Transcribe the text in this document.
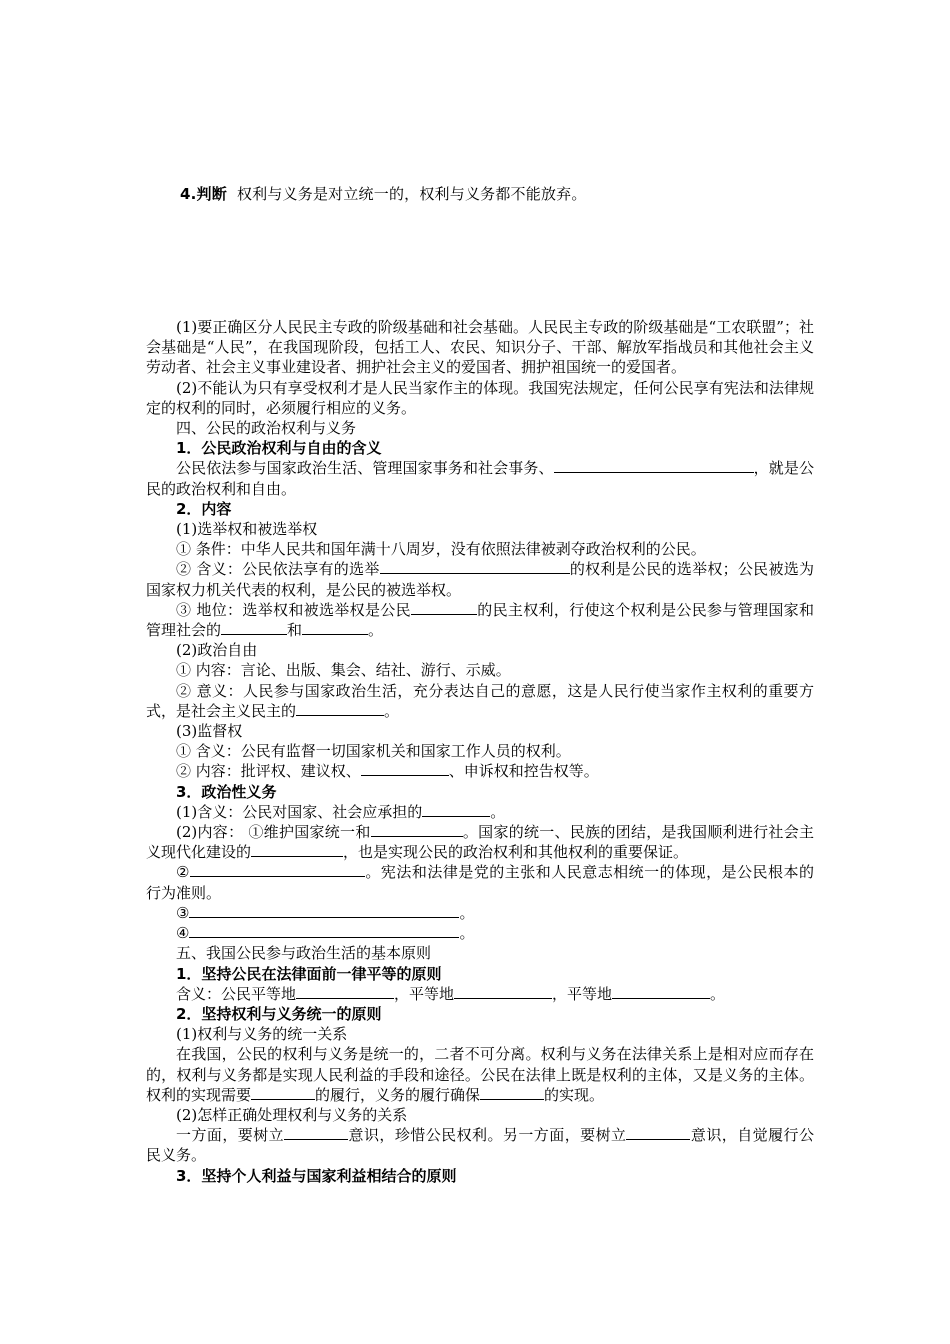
4.判断 权利与义务是对立统一的，权利与义务都不能放弃。

(1)要正确区分人民民主专政的阶级基础和社会基础。人民民主专政的阶级基础是“工农联盟”；社会基础是“人民”，在我国现阶段，包括工人、农民、知识分子、干部、解放军指战员和其他社会主义劳动者、社会主义事业建设者、拥护社会主义的爱国者、拥护祖国统一的爱国者。

(2)不能认为只有享受权利才是人民当家作主的体现。我国宪法规定，任何公民享有宪法和法律规定的权利的同时，必须履行相应的义务。

四、公民的政治权利与义务

1．公民政治权利与自由的含义

公民依法参与国家政治生活、管理国家事务和社会事务、	，就是公民的政治权利和自由。

2．内容

(1)选举权和被选举权

① 条件：中华人民共和国年满十八周岁，没有依照法律被剥夺政治权利的公民。

② 含义：公民依法享有的选举	的权利是公民的选举权；公民被选为国家权力机关代表的权利，是公民的被选举权。

③ 地位：选举权和被选举权是公民	的民主权利，行使这个权利是公民参与管理国家和管理社会的	和	。

(2)政治自由

① 内容：言论、出版、集会、结社、游行、示威。

② 意义：人民参与国家政治生活，充分表达自己的意愿，这是人民行使当家作主权利的重要方式，是社会主义民主的	。

(3)监督权

① 含义：公民有监督一切国家机关和国家工作人员的权利。

② 内容：批评权、建议权、	、申诉权和控告权等。

3．政治性义务

(1)含义：公民对国家、社会应承担的	。

(2)内容： ①维护国家统一和	。国家的统一、民族的团结，是我国顺利进行社会主义现代化建设的	，也是实现公民的政治权利和其他权利的重要保证。

②	。宪法和法律是党的主张和人民意志相统一的体现，是公民根本的行为准则。

③	。

④	。

五、我国公民参与政治生活的基本原则

1．坚持公民在法律面前一律平等的原则

含义：公民平等地	，平等地	，平等地	。

2．坚持权利与义务统一的原则

(1)权利与义务的统一关系

在我国，公民的权利与义务是统一的，二者不可分离。权利与义务在法律关系上是相对应而存在的，权利与义务都是实现人民利益的手段和途径。公民在法律上既是权利的主体，又是义务的主体。权利的实现需要	的履行，义务的履行确保	的实现。

(2)怎样正确处理权利与义务的关系

一方面，要树立	意识，珍惜公民权利。另一方面，要树立	意识，自觉履行公民义务。

3．坚持个人利益与国家利益相结合的原则
